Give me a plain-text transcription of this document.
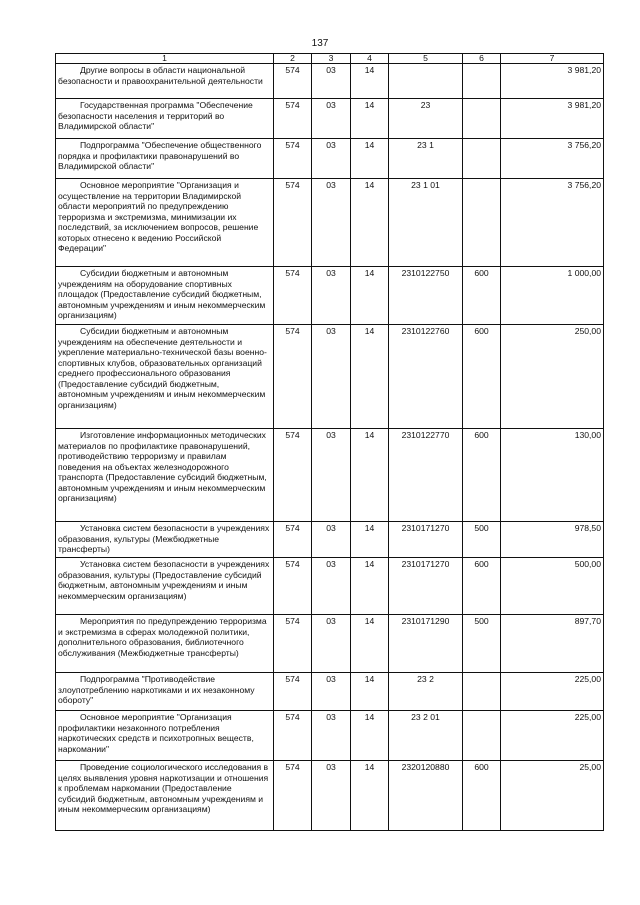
137
1	2	3	4	5	6	7
Другие вопросы в области национальной безопасности и правоохранительной деятельности	574	03	14			3 981,20
Государственная программа "Обеспечение безопасности населения и территорий во Владимирской области"	574	03	14	23		3 981,20
Подпрограмма "Обеспечение общественного порядка и профилактики правонарушений во Владимирской области"	574	03	14	23 1		3 756,20
Основное мероприятие "Организация и осуществление на территории Владимирской области мероприятий по предупреждению терроризма и экстремизма, минимизации их последствий, за исключением вопросов, решение которых отнесено к ведению Российской Федерации"	574	03	14	23 1 01		3 756,20
Субсидии бюджетным и автономным учреждениям на оборудование спортивных площадок (Предоставление субсидий бюджетным, автономным учреждениям и иным некоммерческим организациям)	574	03	14	2310122750	600	1 000,00
Субсидии бюджетным и автономным учреждениям на обеспечение деятельности и укрепление материально-технической базы военно-спортивных клубов, образовательных организаций среднего профессионального образования (Предоставление субсидий бюджетным, автономным учреждениям и иным некоммерческим организациям)	574	03	14	2310122760	600	250,00
Изготовление информационных методических материалов по профилактике правонарушений, противодействию терроризму и правилам поведения на объектах железнодорожного транспорта (Предоставление субсидий бюджетным, автономным учреждениям и иным некоммерческим организациям)	574	03	14	2310122770	600	130,00
Установка систем безопасности в учреждениях образования, культуры (Межбюджетные трансферты)	574	03	14	2310171270	500	978,50
Установка систем безопасности в учреждениях образования, культуры (Предоставление субсидий бюджетным, автономным учреждениям и иным некоммерческим организациям)	574	03	14	2310171270	600	500,00
Мероприятия по предупреждению терроризма и экстремизма в сферах молодежной политики, дополнительного образования, библиотечного обслуживания (Межбюджетные трансферты)	574	03	14	2310171290	500	897,70
Подпрограмма "Противодействие злоупотреблению наркотиками и их незаконному обороту"	574	03	14	23 2		225,00
Основное мероприятие "Организация профилактики незаконного потребления наркотических средств и психотропных веществ, наркомании"	574	03	14	23 2 01		225,00
Проведение социологического исследования в целях выявления уровня наркотизации и отношения к проблемам наркомании (Предоставление субсидий бюджетным, автономным учреждениям и иным некоммерческим организациям)	574	03	14	2320120880	600	25,00
